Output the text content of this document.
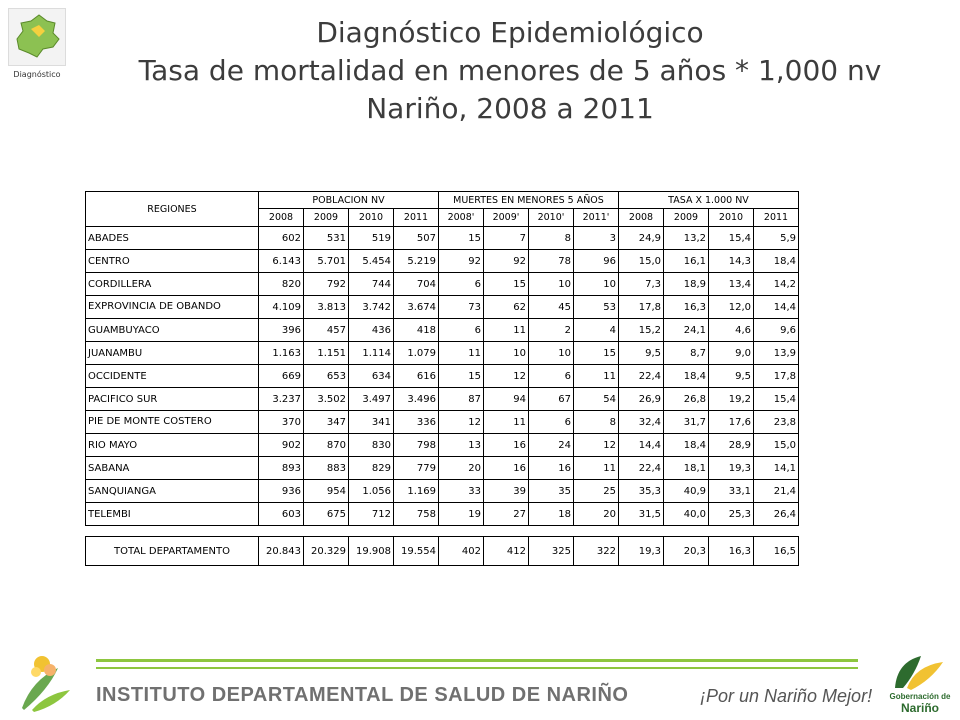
Diagnóstico
Diagnóstico Epidemiológico
Tasa de mortalidad en menores de 5 años * 1,000 nv
Nariño, 2008 a 2011
REGIONES	POBLACION NV				MUERTES EN MENORES 5 AÑOS				TASA X 1.000 NV			
	2008	2009	2010	2011	2008'	2009'	2010'	2011'	2008	2009	2010	2011
ABADES	602	531	519	507	15	7	8	3	24,9	13,2	15,4	5,9
CENTRO	6.143	5.701	5.454	5.219	92	92	78	96	15,0	16,1	14,3	18,4
CORDILLERA	820	792	744	704	6	15	10	10	7,3	18,9	13,4	14,2
EXPROVINCIA DE OBANDO	4.109	3.813	3.742	3.674	73	62	45	53	17,8	16,3	12,0	14,4
GUAMBUYACO	396	457	436	418	6	11	2	4	15,2	24,1	4,6	9,6
JUANAMBU	1.163	1.151	1.114	1.079	11	10	10	15	9,5	8,7	9,0	13,9
OCCIDENTE	669	653	634	616	15	12	6	11	22,4	18,4	9,5	17,8
PACIFICO SUR	3.237	3.502	3.497	3.496	87	94	67	54	26,9	26,8	19,2	15,4
PIE DE MONTE COSTERO	370	347	341	336	12	11	6	8	32,4	31,7	17,6	23,8
RIO MAYO	902	870	830	798	13	16	24	12	14,4	18,4	28,9	15,0
SABANA	893	883	829	779	20	16	16	11	22,4	18,1	19,3	14,1
SANQUIANGA	936	954	1.056	1.169	33	39	35	25	35,3	40,9	33,1	21,4
TELEMBI	603	675	712	758	19	27	18	20	31,5	40,0	25,3	26,4

TOTAL DEPARTAMENTO	20.843	20.329	19.908	19.554	402	412	325	322	19,3	20,3	16,3	16,5
INSTITUTO DEPARTAMENTAL DE SALUD DE NARIÑO	¡Por un Nariño Mejor!	Gobernación de
Nariño
